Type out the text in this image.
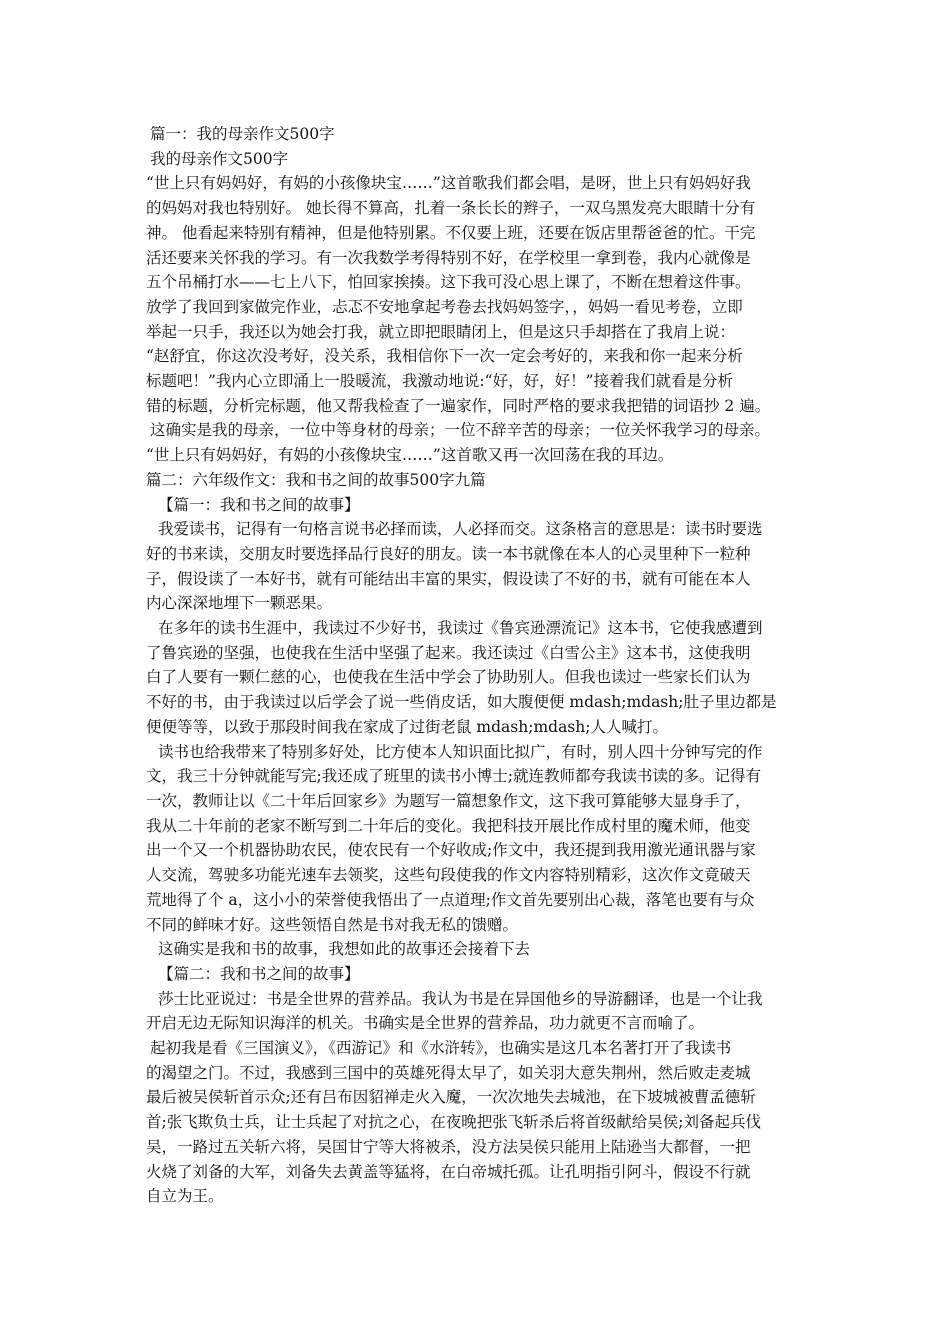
篇一：我的母亲作文500字
我的母亲作文500字
“世上只有妈妈好，有妈的小孩像块宝……”这首歌我们都会唱，是呀，世上只有妈妈好我
的妈妈对我也特别好。 她长得不算高，扎着一条长长的辫子，一双乌黑发亮大眼睛十分有
神。 他看起来特别有精神，但是他特别累。不仅要上班，还要在饭店里帮爸爸的忙。干完
活还要来关怀我的学习。有一次我数学考得特别不好，在学校里一拿到卷，我内心就像是
五个吊桶打水——七上八下，怕回家挨揍。这下我可没心思上课了，不断在想着这件事。
放学了我回到家做完作业，忐忑不安地拿起考卷去找妈妈签字，，妈妈一看见考卷，立即
举起一只手，我还以为她会打我，就立即把眼睛闭上，但是这只手却搭在了我肩上说：
“赵舒宜，你这次没考好，没关系，我相信你下一次一定会考好的，来我和你一起来分析
标题吧！”我内心立即涌上一股暖流，我激动地说:“好，好，好！”接着我们就看是分析
错的标题，分析完标题，他又帮我检查了一遍家作，同时严格的要求我把错的词语抄 2 遍。
这确实是我的母亲，一位中等身材的母亲；一位不辞辛苦的母亲；一位关怀我学习的母亲。
“世上只有妈妈好，有妈的小孩像块宝……”这首歌又再一次回荡在我的耳边。
篇二：六年级作文：我和书之间的故事500字九篇
【篇一：我和书之间的故事】
我爱读书，记得有一句格言说书必择而读，人必择而交。这条格言的意思是：读书时要选
好的书来读，交朋友时要选择品行良好的朋友。读一本书就像在本人的心灵里种下一粒种
子，假设读了一本好书，就有可能结出丰富的果实，假设读了不好的书，就有可能在本人
内心深深地埋下一颗恶果。
在多年的读书生涯中，我读过不少好书，我读过《鲁宾逊漂流记》这本书，它使我感遭到
了鲁宾逊的坚强，也使我在生活中坚强了起来。我还读过《白雪公主》这本书，这使我明
白了人要有一颗仁慈的心，也使我在生活中学会了协助别人。但我也读过一些家长们认为
不好的书，由于我读过以后学会了说一些俏皮话，如大腹便便 mdash;mdash;肚子里边都是
便便等等，以致于那段时间我在家成了过街老鼠 mdash;mdash;人人喊打。
读书也给我带来了特别多好处，比方使本人知识面比拟广，有时，别人四十分钟写完的作
文，我三十分钟就能写完;我还成了班里的读书小博士;就连教师都夸我读书读的多。记得有
一次，教师让以《二十年后回家乡》为题写一篇想象作文，这下我可算能够大显身手了，
我从二十年前的老家不断写到二十年后的变化。我把科技开展比作成村里的魔术师，他变
出一个又一个机器协助农民，使农民有一个好收成;作文中，我还提到我用激光通讯器与家
人交流，驾驶多功能光速车去领奖，这些句段使我的作文内容特别精彩，这次作文竟破天
荒地得了个 a，这小小的荣誉使我悟出了一点道理;作文首先要别出心裁，落笔也要有与众
不同的鲜味才好。这些领悟自然是书对我无私的馈赠。
这确实是我和书的故事，我想如此的故事还会接着下去
【篇二：我和书之间的故事】
莎士比亚说过：书是全世界的营养品。我认为书是在异国他乡的导游翻译，也是一个让我
开启无边无际知识海洋的机关。书确实是全世界的营养品，功力就更不言而喻了。
起初我是看《三国演义》，《西游记》和《水浒转》，也确实是这几本名著打开了我读书
的渴望之门。不过，我感到三国中的英雄死得太早了，如关羽大意失荆州，然后败走麦城
最后被吴侯斩首示众;还有吕布因貂禅走火入魔，一次次地失去城池，在下坡城被曹孟德斩
首;张飞欺负士兵，让士兵起了对抗之心，在夜晚把张飞斩杀后将首级献给吴侯;刘备起兵伐
吴，一路过五关斩六将，吴国甘宁等大将被杀，没方法吴侯只能用上陆逊当大都督，一把
火烧了刘备的大军，刘备失去黄盖等猛将，在白帝城托孤。让孔明指引阿斗，假设不行就
自立为王。
